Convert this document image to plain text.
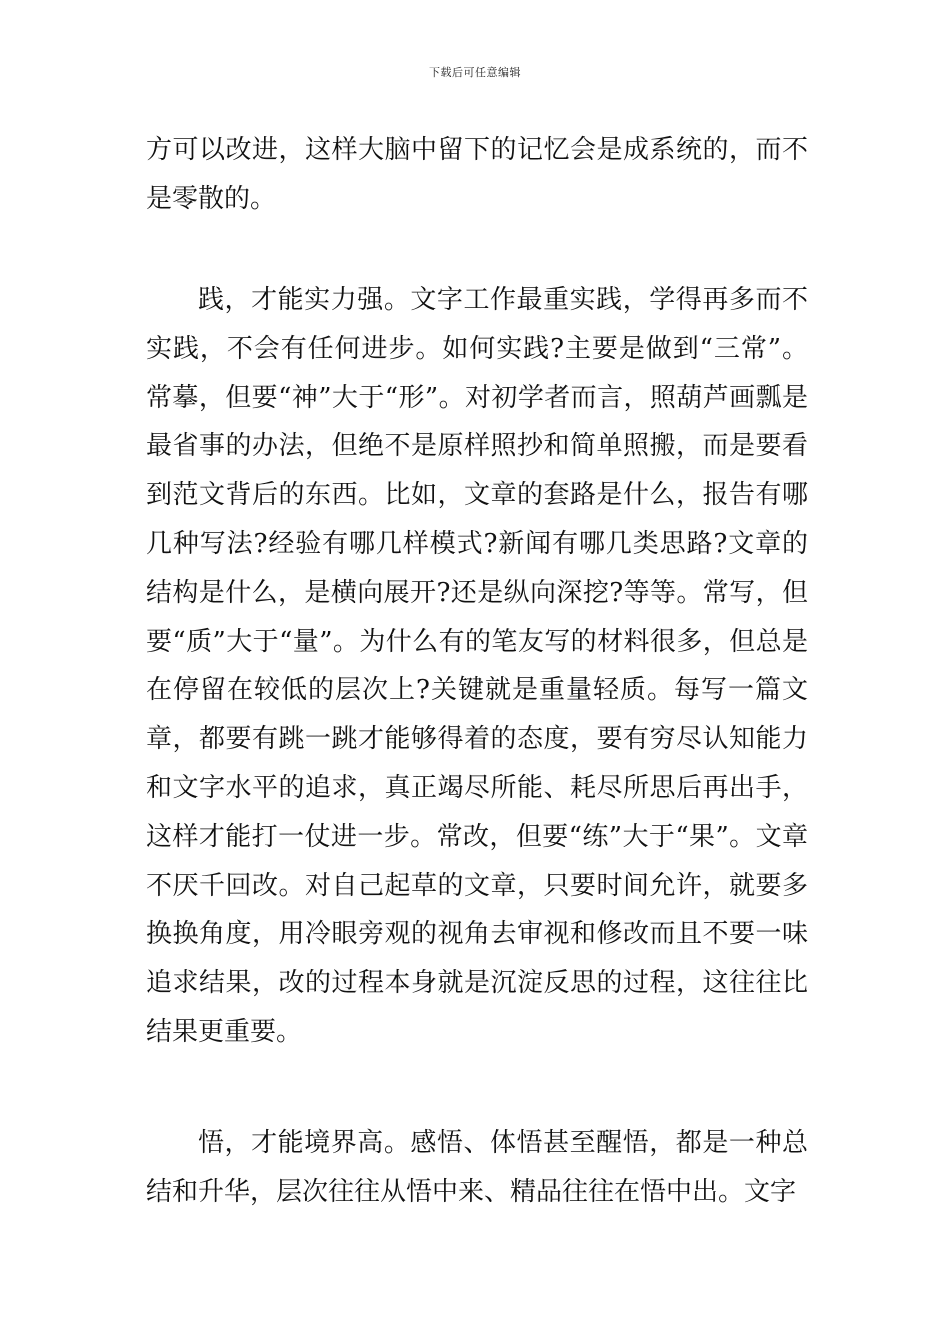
下载后可任意编辑

方可以改进，这样大脑中留下的记忆会是成系统的，而不是零散的。

践，才能实力强。文字工作最重实践，学得再多而不实践，不会有任何进步。如何实践?主要是做到“三常”。常摹，但要“神”大于“形”。对初学者而言，照葫芦画瓢是最省事的办法，但绝不是原样照抄和简单照搬，而是要看到范文背后的东西。比如，文章的套路是什么，报告有哪几种写法?经验有哪几样模式?新闻有哪几类思路?文章的结构是什么，是横向展开?还是纵向深挖?等等。常写，但要“质”大于“量”。为什么有的笔友写的材料很多，但总是在停留在较低的层次上?关键就是重量轻质。每写一篇文章，都要有跳一跳才能够得着的态度，要有穷尽认知能力和文字水平的追求，真正竭尽所能、耗尽所思后再出手，这样才能打一仗进一步。常改，但要“练”大于“果”。文章不厌千回改。对自己起草的文章，只要时间允许，就要多换换角度，用冷眼旁观的视角去审视和修改而且不要一味追求结果，改的过程本身就是沉淀反思的过程，这往往比结果更重要。

悟，才能境界高。感悟、体悟甚至醒悟，都是一种总结和升华，层次往往从悟中来、精品往往在悟中出。文字
